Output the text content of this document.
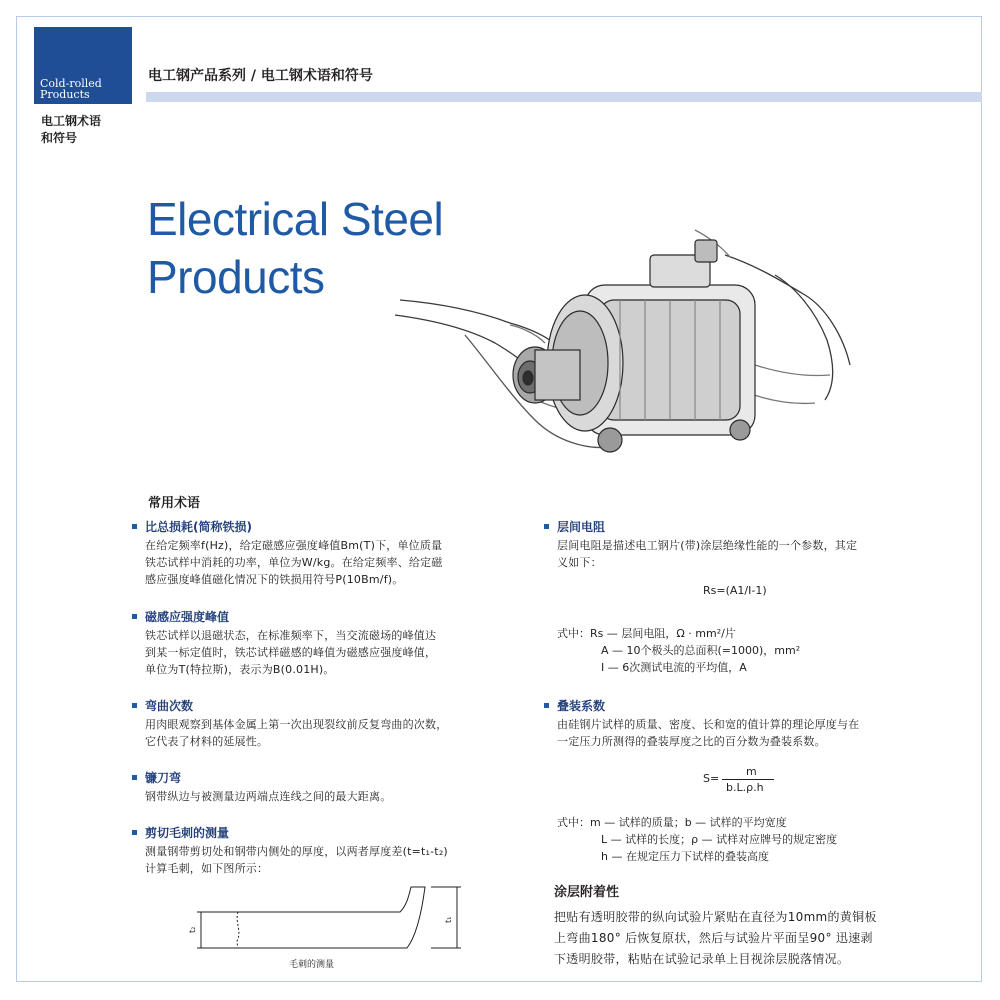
Cold-rolled
Products
电工钢产品系列 / 电工钢术语和符号
电工钢术语
和符号
Electrical Steel
Products
常用术语
比总损耗(简称铁损)
在给定频率f(Hz)，给定磁感应强度峰值Bm(T)下，单位质量
铁芯试样中消耗的功率，单位为W/kg。在给定频率、给定磁
感应强度峰值磁化情况下的铁损用符号P(10Bm/f)。
磁感应强度峰值
铁芯试样以退磁状态，在标准频率下，当交流磁场的峰值达
到某一标定值时，铁芯试样磁感的峰值为磁感应强度峰值，
单位为T(特拉斯)，表示为B(0.01H)。
弯曲次数
用肉眼观察到基体金属上第一次出现裂纹前反复弯曲的次数，
它代表了材料的延展性。
镰刀弯
钢带纵边与被测量边两端点连线之间的最大距离。
剪切毛刺的测量
测量钢带剪切处和钢带内侧处的厚度，以两者厚度差(t=t₁-t₂)
计算毛刺，如下图所示：
t₂
t₁
毛刺的测量
层间电阻
层间电阻是描述电工钢片(带)涂层绝缘性能的一个参数，其定
义如下：
Rs=(A1/I-1)
式中：Rs — 层间电阻，Ω · mm²/片
A — 10个极头的总面积(=1000)，mm²
I — 6次测试电流的平均值，A
叠装系数
由硅钢片试样的质量、密度、长和宽的值计算的理论厚度与在
一定压力所测得的叠装厚度之比的百分数为叠装系数。
S=
m
b.L.ρ.h
式中：m — 试样的质量；b — 试样的平均宽度
L — 试样的长度；ρ — 试样对应牌号的规定密度
h — 在规定压力下试样的叠装高度
涂层附着性
把贴有透明胶带的纵向试验片紧贴在直径为10mm的黄铜板
上弯曲180° 后恢复原状，然后与试验片平面呈90° 迅速剥
下透明胶带，粘贴在试验记录单上目视涂层脱落情况。
